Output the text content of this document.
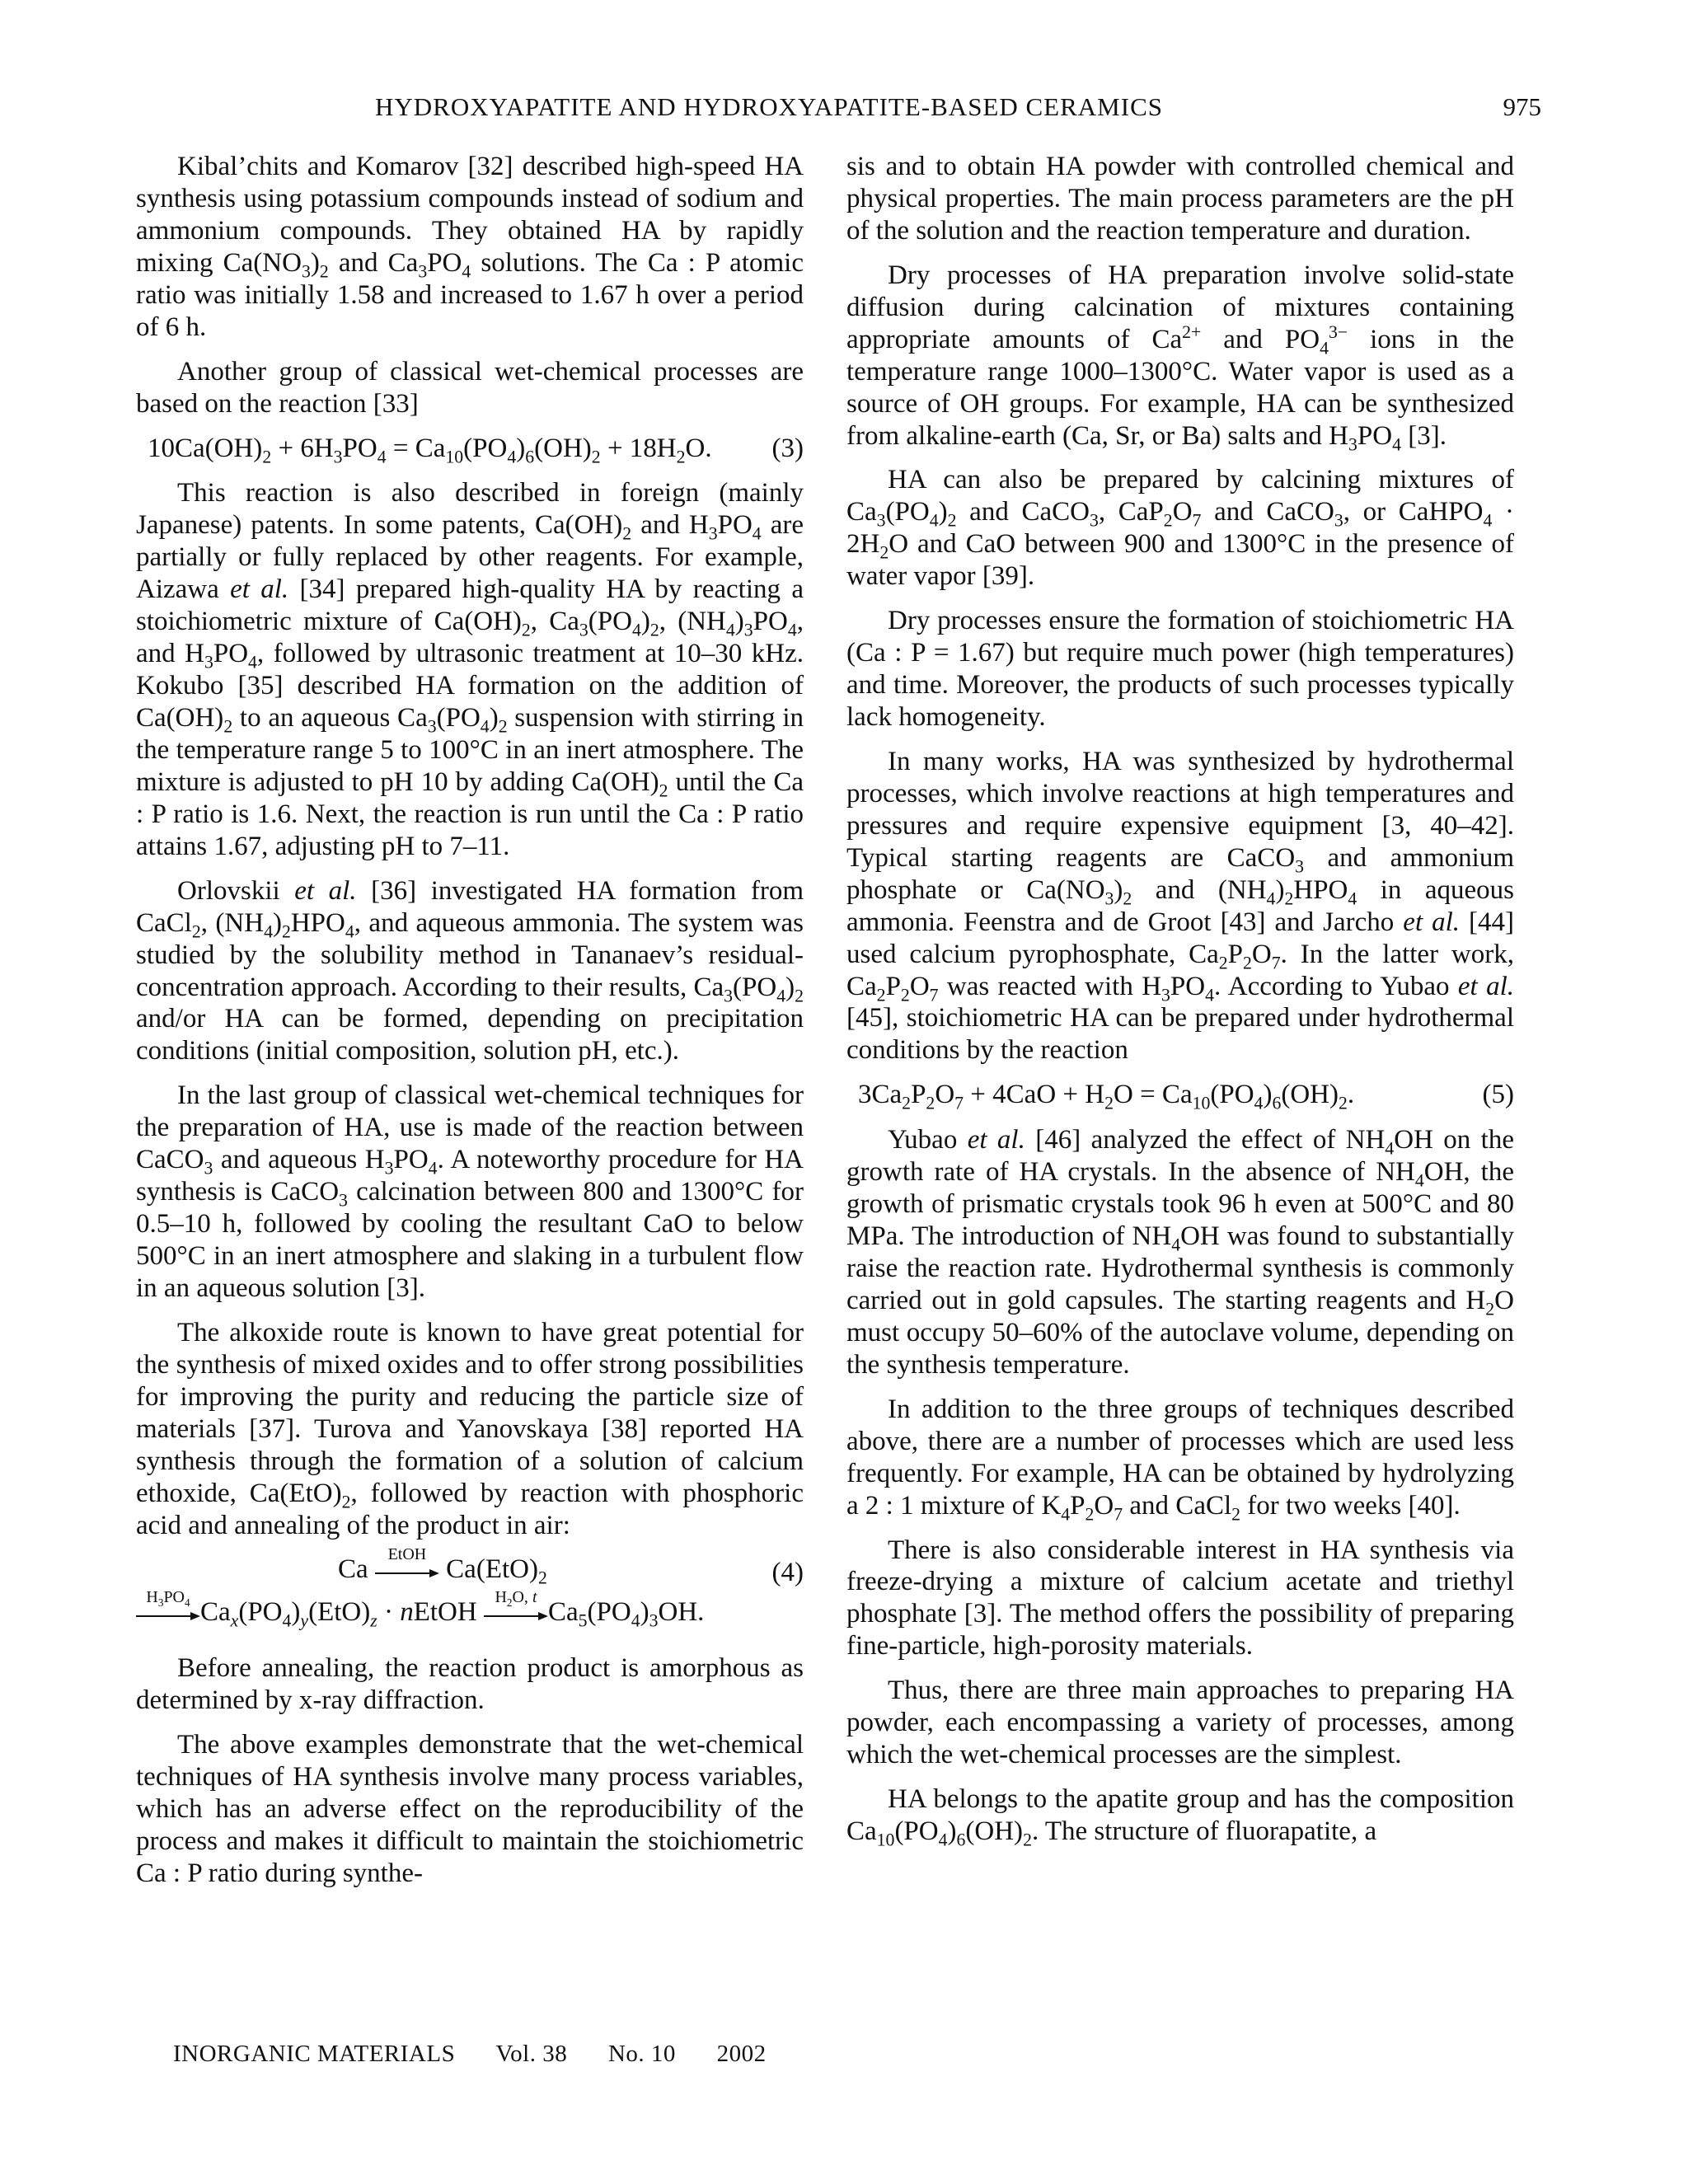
HYDROXYAPATITE AND HYDROXYAPATITE-BASED CERAMICS	975

Kibal’chits and Komarov [32] described high-speed HA synthesis using potassium compounds instead of sodium and ammonium compounds. They obtained HA by rapidly mixing $Ca(NO_3)_2$ and $Ca_3PO_4$ solutions. The Ca : P atomic ratio was initially 1.58 and increased to 1.67 h over a period of 6 h.

Another group of classical wet-chemical processes are based on the reaction [33]

$10Ca(OH)_2 + 6H_3PO_4 = Ca_{10}(PO_4)_6(OH)_2 + 18H_2O$. (3)

This reaction is also described in foreign (mainly Japanese) patents. In some patents, $Ca(OH)_2$ and $H_3PO_4$ are partially or fully replaced by other reagents. For example, Aizawa et al. [34] prepared high-quality HA by reacting a stoichiometric mixture of $Ca(OH)_2$, $Ca_3(PO_4)_2$, $(NH_4)_3PO_4$, and $H_3PO_4$, followed by ultrasonic treatment at 10–30 kHz. Kokubo [35] described HA formation on the addition of $Ca(OH)_2$ to an aqueous $Ca_3(PO_4)_2$ suspension with stirring in the temperature range 5 to 100°C in an inert atmosphere. The mixture is adjusted to pH 10 by adding $Ca(OH)_2$ until the Ca : P ratio is 1.6. Next, the reaction is run until the Ca : P ratio attains 1.67, adjusting pH to 7–11.

Orlovskii et al. [36] investigated HA formation from CaCl$_2$, $(NH_4)_2HPO_4$, and aqueous ammonia. The system was studied by the solubility method in Tananaev’s residual-concentration approach. According to their results, $Ca_3(PO_4)_2$ and/or HA can be formed, depending on precipitation conditions (initial composition, solution pH, etc.).

In the last group of classical wet-chemical techniques for the preparation of HA, use is made of the reaction between CaCO$_3$ and aqueous $H_3PO_4$. A noteworthy procedure for HA synthesis is CaCO$_3$ calcination between 800 and 1300°C for 0.5–10 h, followed by cooling the resultant CaO to below 500°C in an inert atmosphere and slaking in a turbulent flow in an aqueous solution [3].

The alkoxide route is known to have great potential for the synthesis of mixed oxides and to offer strong possibilities for improving the purity and reducing the particle size of materials [37]. Turova and Yanovskaya [38] reported HA synthesis through the formation of a solution of calcium ethoxide, $Ca(EtO)_2$, followed by reaction with phosphoric acid and annealing of the product in air:

Ca
EtOH
$Ca(EtO)_2$	(4)
$H_3PO_4$ $Ca_x(PO_4)_y(EtO)_z$ · nEtOH
$H_2O$, t
$Ca_5(PO_4)_3OH$.

Before annealing, the reaction product is amorphous as determined by x-ray diffraction.

The above examples demonstrate that the wet-chemical techniques of HA synthesis involve many process variables, which has an adverse effect on the reproducibility of the process and makes it difficult to maintain the stoichiometric Ca : P ratio during synthe-

sis and to obtain HA powder with controlled chemical and physical properties. The main process parameters are the pH of the solution and the reaction temperature and duration.

Dry processes of HA preparation involve solid-state diffusion during calcination of mixtures containing appropriate amounts of $Ca^{2+}$ and $PO_4^{3-}$ ions in the temperature range 1000–1300°C. Water vapor is used as a source of OH groups. For example, HA can be synthesized from alkaline-earth (Ca, Sr, or Ba) salts and $H_3PO_4$ [3].

HA can also be prepared by calcining mixtures of $Ca_3(PO_4)_2$ and CaCO$_3$, $CaP_2O_7$ and CaCO$_3$, or CaHPO$_4$ · $2H_2O$ and CaO between 900 and 1300°C in the presence of water vapor [39].

Dry processes ensure the formation of stoichiometric HA (Ca : P = 1.67) but require much power (high temperatures) and time. Moreover, the products of such processes typically lack homogeneity.

In many works, HA was synthesized by hydrothermal processes, which involve reactions at high temperatures and pressures and require expensive equipment [3, 40–42]. Typical starting reagents are CaCO$_3$ and ammonium phosphate or $Ca(NO_3)_2$ and $(NH_4)_2HPO_4$ in aqueous ammonia. Feenstra and de Groot [43] and Jarcho et al. [44] used calcium pyrophosphate, $Ca_2P_2O_7$. In the latter work, $Ca_2P_2O_7$ was reacted with $H_3PO_4$. According to Yubao et al. [45], stoichiometric HA can be prepared under hydrothermal conditions by the reaction

$3Ca_2P_2O_7 + 4CaO + H_2O = Ca_{10}(PO_4)_6(OH)_2$.	(5)

Yubao et al. [46] analyzed the effect of $NH_4OH$ on the growth rate of HA crystals. In the absence of $NH_4OH$, the growth of prismatic crystals took 96 h even at 500°C and 80 MPa. The introduction of $NH_4OH$ was found to substantially raise the reaction rate. Hydrothermal synthesis is commonly carried out in gold capsules. The starting reagents and $H_2O$ must occupy 50–60% of the autoclave volume, depending on the synthesis temperature.

In addition to the three groups of techniques described above, there are a number of processes which are used less frequently. For example, HA can be obtained by hydrolyzing a 2 : 1 mixture of $K_4P_2O_7$ and CaCl$_2$ for two weeks [40].

There is also considerable interest in HA synthesis via freeze-drying a mixture of calcium acetate and triethyl phosphate [3]. The method offers the possibility of preparing fine-particle, high-porosity materials.

Thus, there are three main approaches to preparing HA powder, each encompassing a variety of processes, among which the wet-chemical processes are the simplest.

HA belongs to the apatite group and has the composition $Ca_{10}(PO_4)_6(OH)_2$. The structure of fluorapatite, a

INORGANIC MATERIALS Vol. 38 No. 10 2002
